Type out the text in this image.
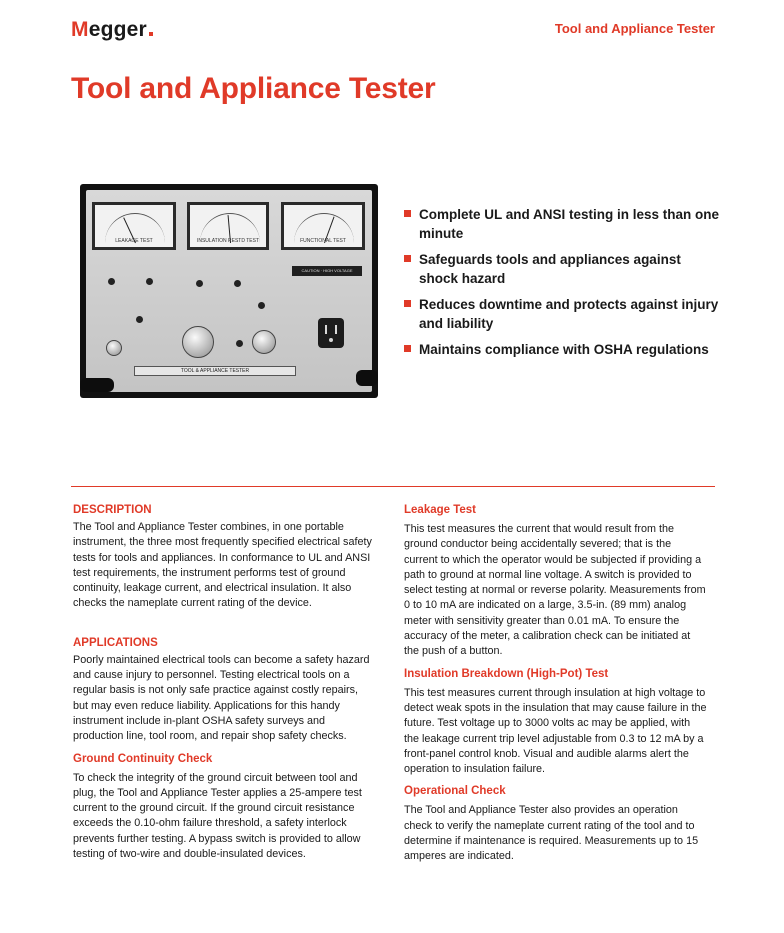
Megger	Tool and Appliance Tester
Tool and Appliance Tester
LEAKAGE TEST	INSULATION RESTD TEST	FUNCTIONAL TEST
CAUTION · HIGH VOLTAGE
TOOL & APPLIANCE TESTER
Complete UL and ANSI testing in less than one minute
Safeguards tools and appliances against shock hazard
Reduces downtime and protects against injury and liability
Maintains compliance with OSHA regulations
DESCRIPTION

The Tool and Appliance Tester combines, in one portable instrument, the three most frequently specified electrical safety tests for tools and appliances. In conformance to UL and ANSI test requirements, the instrument performs test of ground continuity, leakage current, and electrical insulation. It also checks the nameplate current rating of the device.

APPLICATIONS

Poorly maintained electrical tools can become a safety hazard and cause injury to personnel. Testing electrical tools on a regular basis is not only safe practice against costly repairs, but may even reduce liability. Applications for this handy instrument include in-plant OSHA safety surveys and production line, tool room, and repair shop safety checks.

Ground Continuity Check

To check the integrity of the ground circuit between tool and plug, the Tool and Appliance Tester applies a 25-ampere test current to the ground circuit. If the ground circuit resistance exceeds the 0.10-ohm failure threshold, a safety interlock prevents further testing. A bypass switch is provided to allow testing of two-wire and double-insulated devices.

Leakage Test

This test measures the current that would result from the ground conductor being accidentally severed; that is the current to which the operator would be subjected if providing a path to ground at normal line voltage. A switch is provided to select testing at normal or reverse polarity. Measurements from 0 to 10 mA are indicated on a large, 3.5-in. (89 mm) analog meter with sensitivity greater than 0.01 mA. To ensure the accuracy of the meter, a calibration check can be initiated at the push of a button.

Insulation Breakdown (High-Pot) Test

This test measures current through insulation at high voltage to detect weak spots in the insulation that may cause failure in the future. Test voltage up to 3000 volts ac may be applied, with the leakage current trip level adjustable from 0.3 to 12 mA by a front-panel control knob. Visual and audible alarms alert the operation to insulation failure.

Operational Check

The Tool and Appliance Tester also provides an operation check to verify the nameplate current rating of the tool and to determine if maintenance is required. Measurements up to 15 amperes are indicated.
